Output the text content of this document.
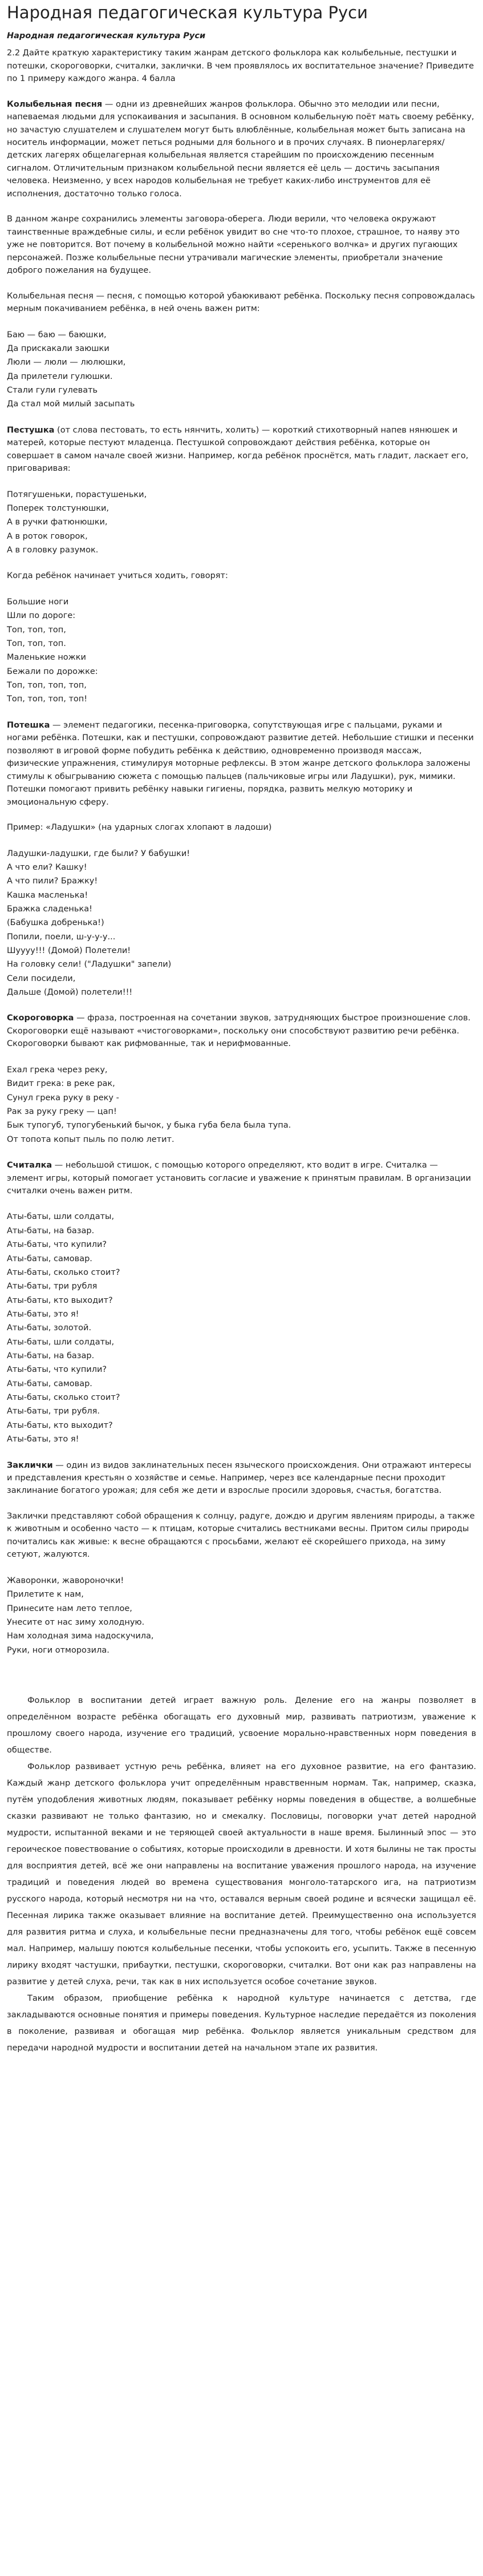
Народная педагогическая культура Руси
Народная педагогическая культура Руси

2.2 Дайте краткую характеристику таким жанрам детского фольклора как колыбельные, пестушки и потешки, скороговорки, считалки, заклички. В чем проявлялось их воспитательное значение? Приведите по 1 примеру каждого жанра. 4 балла

Колыбельная песня — одни из древнейших жанров фольклора. Обычно это мелодии или песни, напеваемая людьми для успокаивания и засыпания. В основном колыбельную поёт мать своему ребёнку, но зачастую слушателем и слушателем могут быть влюблённые, колыбельная может быть записана на носитель информации, может петься родными для больного и в прочих случаях. В пионерлагерях/ детских лагерях общелагерная колыбельная является старейшим по происхождению песенным сигналом. Отличительным признаком колыбельной песни является её цель — достичь засыпания человека. Неизменно, у всех народов колыбельная не требует каких-либо инструментов для её исполнения, достаточно только голоса.

В данном жанре сохранились элементы заговора-оберега. Люди верили, что человека окружают таинственные враждебные силы, и если ребёнок увидит во сне что-то плохое, страшное, то наяву это уже не повторится. Вот почему в колыбельной можно найти «серенького волчка» и других пугающих персонажей. Позже колыбельные песни утрачивали магические элементы, приобретали значение доброго пожелания на будущее.

Колыбельная песня — песня, с помощью которой убаюкивают ребёнка. Поскольку песня сопровождалась мерным покачиванием ребёнка, в ней очень важен ритм:

Баю — баю — баюшки,
Да прискакали заюшки
Люли — люли — люлюшки,
Да прилетели гулюшки.
Стали гули гулевать
Да стал мой милый засыпать

Пестушка (от слова пестовать, то есть нянчить, холить) — короткий стихотворный напев нянюшек и матерей, которые пестуют младенца. Пестушкой сопровождают действия ребёнка, которые он совершает в самом начале своей жизни. Например, когда ребёнок проснётся, мать гладит, ласкает его, приговаривая:

Потягушеньки, порастушеньки,
Поперек толстунюшки,
А в ручки фатюнюшки,
А в роток говорок,
А в головку разумок.

Когда ребёнок начинает учиться ходить, говорят:

Большие ноги
Шли по дороге:
Топ, топ, топ,
Топ, топ, топ.
Маленькие ножки
Бежали по дорожке:
Топ, топ, топ, топ,
Топ, топ, топ, топ!

Потешка — элемент педагогики, песенка-приговорка, сопутствующая игре с пальцами, руками и ногами ребёнка. Потешки, как и пестушки, сопровождают развитие детей. Небольшие стишки и песенки позволяют в игровой форме побудить ребёнка к действию, одновременно производя массаж, физические упражнения, стимулируя моторные рефлексы. В этом жанре детского фольклора заложены стимулы к обыгрыванию сюжета с помощью пальцев (пальчиковые игры или Ладушки), рук, мимики. Потешки помогают привить ребёнку навыки гигиены, порядка, развить мелкую моторику и эмоциональную сферу.

Пример: «Ладушки» (на ударных слогах хлопают в ладоши)

Ладушки-ладушки, где были? У бабушки!
А что ели? Кашку!
А что пили? Бражку!
Кашка масленька!
Бражка сладенька!
(Бабушка добренька!)
Попили, поели, ш-у-у-у...
Шуууу!!! (Домой) Полетели!
На головку сели! ("Ладушки" запели)
Сели посидели,
Дальше (Домой) полетели!!!

Скороговорка — фраза, построенная на сочетании звуков, затрудняющих быстрое произношение слов. Скороговорки ещё называют «чистоговорками», поскольку они способствуют развитию речи ребёнка. Скороговорки бывают как рифмованные, так и нерифмованные.

Ехал грека через реку,
Видит грека: в реке рак,
Сунул грека руку в реку -
Рак за руку греку — цап!
Бык тупогуб, тупогубенький бычок, у быка губа бела была тупа.
От топота копыт пыль по полю летит.

Считалка — небольшой стишок, с помощью которого определяют, кто водит в игре. Считалка — элемент игры, который помогает установить согласие и уважение к принятым правилам. В организации считалки очень важен ритм.

Аты-баты, шли солдаты,
Аты-баты, на базар.
Аты-баты, что купили?
Аты-баты, самовар.
Аты-баты, сколько стоит?
Аты-баты, три рубля
Аты-баты, кто выходит?
Аты-баты, это я!
Аты-баты, золотой.
Аты-баты, шли солдаты,
Аты-баты, на базар.
Аты-баты, что купили?
Аты-баты, самовар.
Аты-баты, сколько стоит?
Аты-баты, три рубля.
Аты-баты, кто выходит?
Аты-баты, это я!

Заклички — один из видов заклинательных песен языческого происхождения. Они отражают интересы и представления крестьян о хозяйстве и семье. Например, через все календарные песни проходит заклинание богатого урожая; для себя же дети и взрослые просили здоровья, счастья, богатства.

Заклички представляют собой обращения к солнцу, радуге, дождю и другим явлениям природы, а также к животным и особенно часто — к птицам, которые считались вестниками весны. Притом силы природы почитались как живые: к весне обращаются с просьбами, желают её скорейшего прихода, на зиму сетуют, жалуются.

Жаворонки, жавороночки!
Прилетите к нам,
Принесите нам лето теплое,
Унесите от нас зиму холодную.
Нам холодная зима надоскучила,
Руки, ноги отморозила.

Фольклор в воспитании детей играет важную роль. Деление его на жанры позволяет в определённом возрасте ребёнка обогащать его духовный мир, развивать патриотизм, уважение к прошлому своего народа, изучение его традиций, усвоение морально-нравственных норм поведения в обществе.

Фольклор развивает устную речь ребёнка, влияет на его духовное развитие, на его фантазию. Каждый жанр детского фольклора учит определённым нравственным нормам. Так, например, сказка, путём уподобления животных людям, показывает ребёнку нормы поведения в обществе, а волшебные сказки развивают не только фантазию, но и смекалку. Пословицы, поговорки учат детей народной мудрости, испытанной веками и не теряющей своей актуальности в наше время. Былинный эпос — это героическое повествование о событиях, которые происходили в древности. И хотя былины не так просты для восприятия детей, всё же они направлены на воспитание уважения прошлого народа, на изучение традиций и поведения людей во времена существования монголо-татарского ига, на патриотизм русского народа, который несмотря ни на что, оставался верным своей родине и всячески защищал её. Песенная лирика также оказывает влияние на воспитание детей. Преимущественно она используется для развития ритма и слуха, и колыбельные песни предназначены для того, чтобы ребёнок ещё совсем мал. Например, малышу поются колыбельные песенки, чтобы успокоить его, усыпить. Также в песенную лирику входят частушки, прибаутки, пестушки, скороговорки, считалки. Вот они как раз направлены на развитие у детей слуха, речи, так как в них используется особое сочетание звуков.

Таким образом, приобщение ребёнка к народной культуре начинается с детства, где закладываются основные понятия и примеры поведения. Культурное наследие передаётся из поколения в поколение, развивая и обогащая мир ребёнка. Фольклор является уникальным средством для передачи народной мудрости и воспитании детей на начальном этапе их развития.
